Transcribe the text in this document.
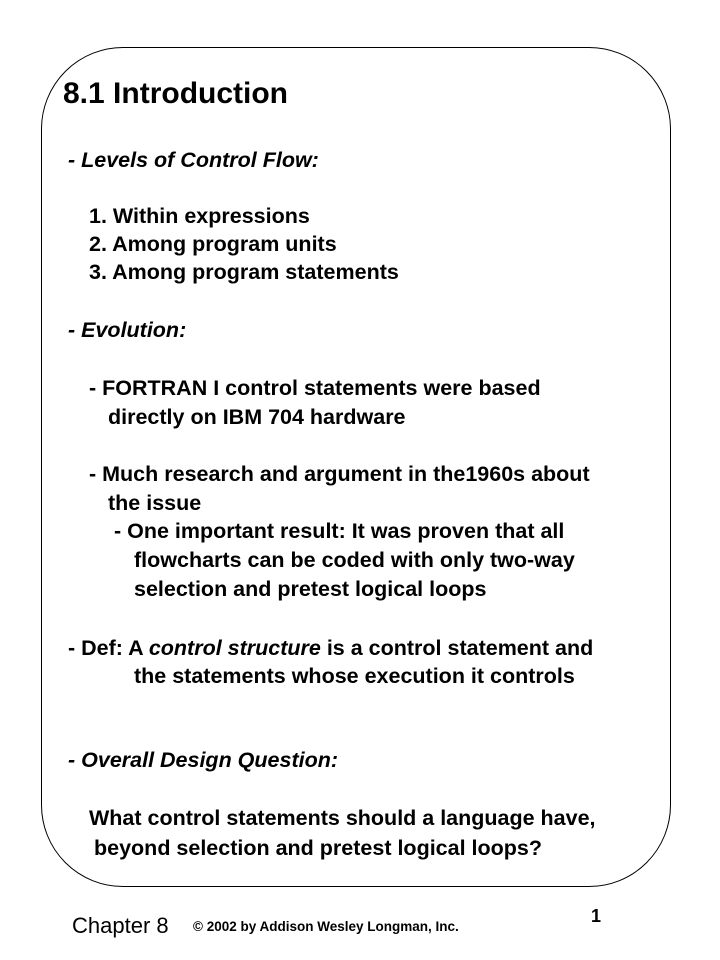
8.1 Introduction
- Levels of Control Flow:
1. Within expressions
2. Among program units
3. Among program statements
- Evolution:
- FORTRAN I control statements were based
directly on IBM 704 hardware
- Much research and argument in the1960s about
the issue
- One important result: It was proven that all
flowcharts can be coded with only two-way
selection and pretest logical loops
- Def: A control structure is a control statement and
the statements whose execution it controls
- Overall Design Question:
What control statements should a language have,
beyond selection and pretest logical loops?
Chapter 8 © 2002 by Addison Wesley Longman, Inc.
1
